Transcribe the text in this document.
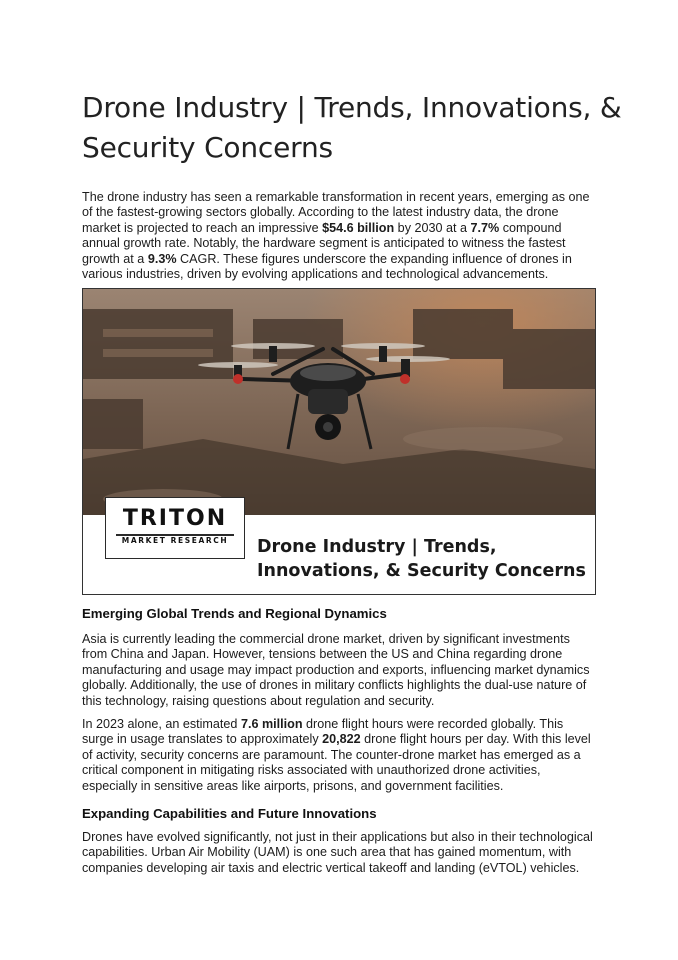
Drone Industry | Trends, Innovations, & Security Concerns

The drone industry has seen a remarkable transformation in recent years, emerging as one of the fastest-growing sectors globally. According to the latest industry data, the drone market is projected to reach an impressive $54.6 billion by 2030 at a 7.7% compound annual growth rate. Notably, the hardware segment is anticipated to witness the fastest growth at a 9.3% CAGR. These figures underscore the expanding influence of drones in various industries, driven by evolving applications and technological advancements.

TRITON
MARKET RESEARCH	Drone Industry | Trends, Innovations, & Security Concerns

Emerging Global Trends and Regional Dynamics

Asia is currently leading the commercial drone market, driven by significant investments from China and Japan. However, tensions between the US and China regarding drone manufacturing and usage may impact production and exports, influencing market dynamics globally. Additionally, the use of drones in military conflicts highlights the dual-use nature of this technology, raising questions about regulation and security.

In 2023 alone, an estimated 7.6 million drone flight hours were recorded globally. This surge in usage translates to approximately 20,822 drone flight hours per day. With this level of activity, security concerns are paramount. The counter-drone market has emerged as a critical component in mitigating risks associated with unauthorized drone activities, especially in sensitive areas like airports, prisons, and government facilities.

Expanding Capabilities and Future Innovations

Drones have evolved significantly, not just in their applications but also in their technological capabilities. Urban Air Mobility (UAM) is one such area that has gained momentum, with companies developing air taxis and electric vertical takeoff and landing (eVTOL) vehicles.
